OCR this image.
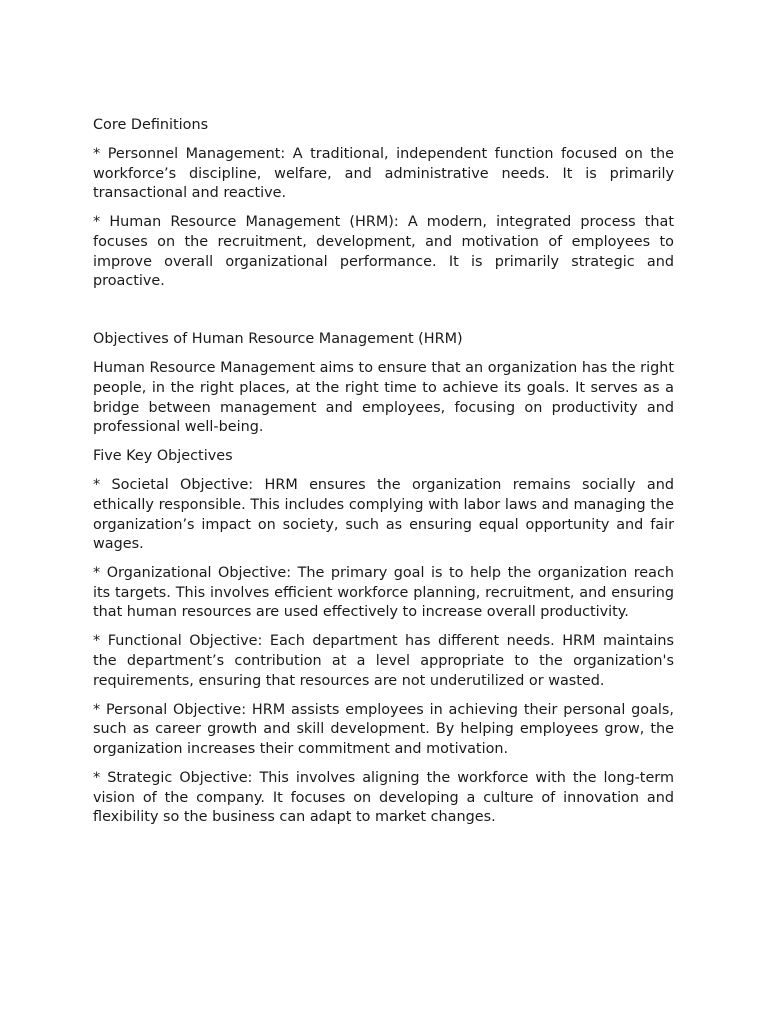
Core Definitions

* Personnel Management: A traditional, independent function focused on the workforce’s discipline, welfare, and administrative needs. It is primarily transactional and reactive.

* Human Resource Management (HRM): A modern, integrated process that focuses on the recruitment, development, and motivation of employees to improve overall organizational performance. It is primarily strategic and proactive.

Objectives of Human Resource Management (HRM)

Human Resource Management aims to ensure that an organization has the right people, in the right places, at the right time to achieve its goals. It serves as a bridge between management and employees, focusing on productivity and professional well-being.

Five Key Objectives

* Societal Objective: HRM ensures the organization remains socially and ethically responsible. This includes complying with labor laws and managing the organization’s impact on society, such as ensuring equal opportunity and fair wages.

* Organizational Objective: The primary goal is to help the organization reach its targets. This involves efficient workforce planning, recruitment, and ensuring that human resources are used effectively to increase overall productivity.

* Functional Objective: Each department has different needs. HRM maintains the department’s contribution at a level appropriate to the organization's requirements, ensuring that resources are not underutilized or wasted.

* Personal Objective: HRM assists employees in achieving their personal goals, such as career growth and skill development. By helping employees grow, the organization increases their commitment and motivation.

* Strategic Objective: This involves aligning the workforce with the long-term vision of the company. It focuses on developing a culture of innovation and flexibility so the business can adapt to market changes.
